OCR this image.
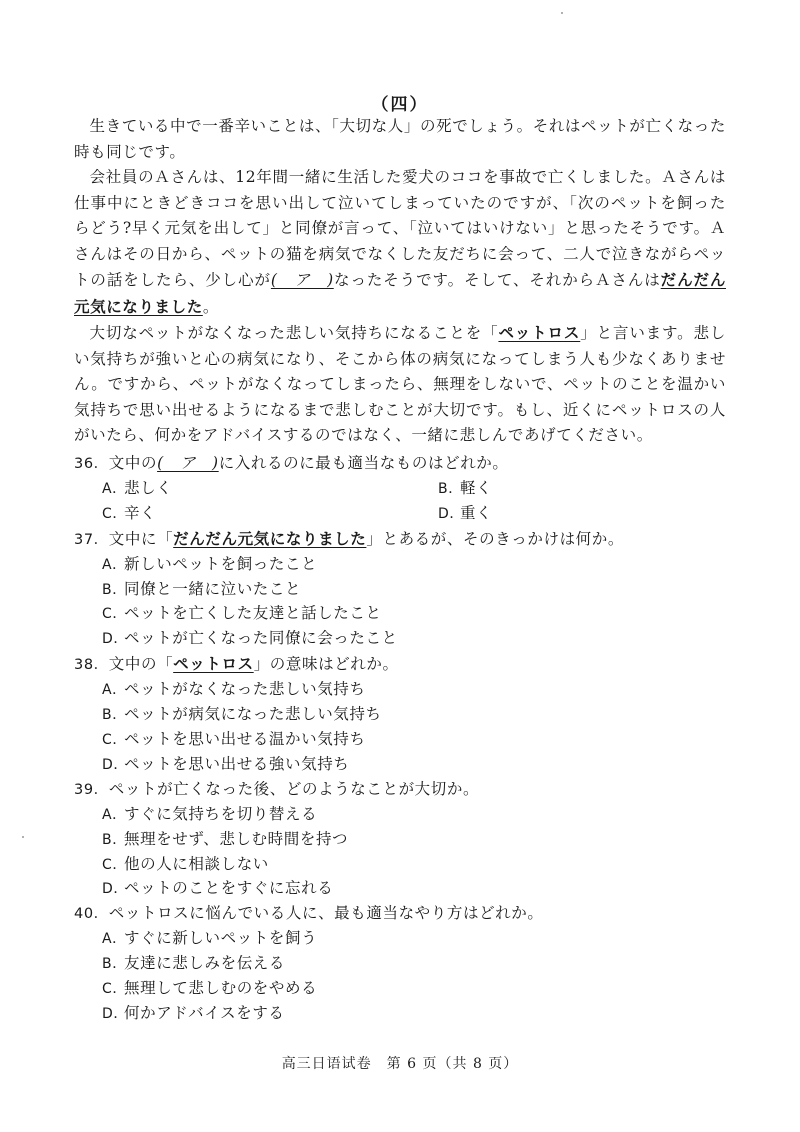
（四）

生きている中で一番辛いことは、「大切な人」の死でしょう。それはペットが亡くなった時も同じです。

会社員のＡさんは、12年間一緒に生活した愛犬のココを事故で亡くしました。Ａさんは仕事中にときどきココを思い出して泣いてしまっていたのですが、「次のペットを飼ったらどう?早く元気を出して」と同僚が言って、「泣いてはいけない」と思ったそうです。Ａさんはその日から、ペットの猫を病気でなくした友だちに会って、二人で泣きながらペットの話をしたら、少し心が(　ア　)なったそうです。そして、それからＡさんはだんだん元気になりました。

大切なペットがなくなった悲しい気持ちになることを「ペットロス」と言います。悲しい気持ちが強いと心の病気になり、そこから体の病気になってしまう人も少なくありません。ですから、ペットがなくなってしまったら、無理をしないで、ペットのことを温かい気持ちで思い出せるようになるまで悲しむことが大切です。もし、近くにペットロスの人がいたら、何かをアドバイスするのではなく、一緒に悲しんであげてください。

36．文中の(　ア　)に入れるのに最も適当なものはどれか。

A．悲しく	B．軽く

C．辛く	D．重く

37．文中に「だんだん元気になりました」とあるが、そのきっかけは何か。

A．新しいペットを飼ったこと

B．同僚と一緒に泣いたこと

C．ペットを亡くした友達と話したこと

D．ペットが亡くなった同僚に会ったこと

38．文中の「ペットロス」の意味はどれか。

A．ペットがなくなった悲しい気持ち

B．ペットが病気になった悲しい気持ち

C．ペットを思い出せる温かい気持ち

D．ペットを思い出せる強い気持ち

39．ペットが亡くなった後、どのようなことが大切か。

A．すぐに気持ちを切り替える

B．無理をせず、悲しむ時間を持つ

C．他の人に相談しない

D．ペットのことをすぐに忘れる

40．ペットロスに悩んでいる人に、最も適当なやり方はどれか。

A．すぐに新しいペットを飼う

B．友達に悲しみを伝える

C．無理して悲しむのをやめる

D．何かアドバイスをする

高三日语试卷　第 6 页（共 8 页）
